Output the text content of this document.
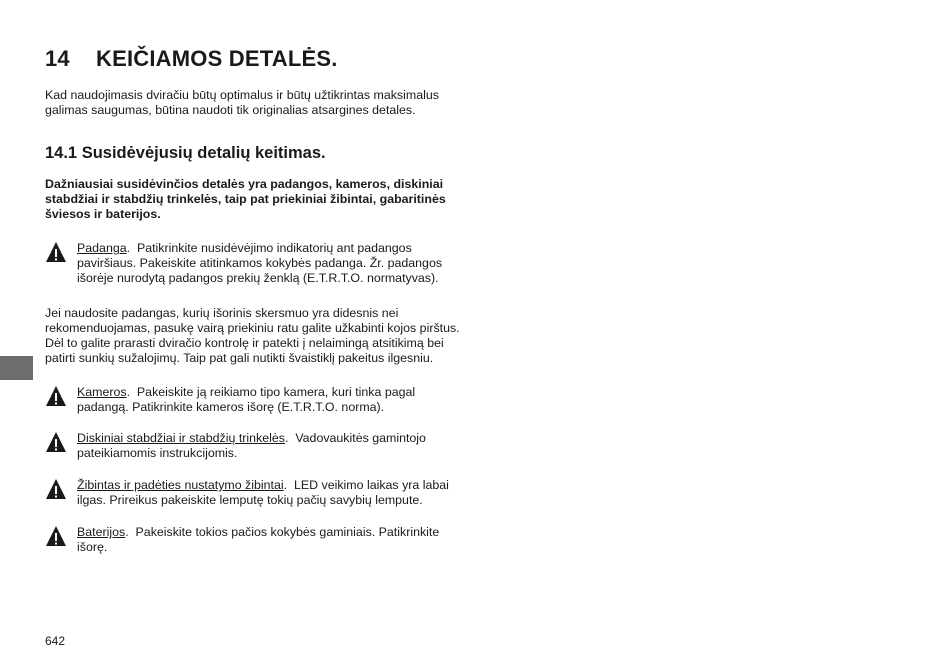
14	KEIČIAMOS DETALĖS.

Kad naudojimasis dviračiu būtų optimalus ir būtų užtikrintas maksimalus galimas saugumas, būtina naudoti tik originalias atsargines detales.

14.1 Susidėvėjusių detalių keitimas.

Dažniausiai susidėvinčios detalės yra padangos, kameros, diskiniai stabdžiai ir stabdžių trinkelės, taip pat priekiniai žibintai, gabaritinės šviesos ir baterijos.

Padanga.  Patikrinkite nusidėvėjimo indikatorių ant padangos paviršiaus. Pakeiskite atitinkamos kokybės padanga. Žr. padangos išorėje nurodytą padangos prekių ženklą (E.T.R.T.O. normatyvas).

Jei naudosite padangas, kurių išorinis skersmuo yra didesnis nei rekomenduojamas, pasukę vairą priekiniu ratu galite užkabinti kojos pirštus. Dėl to galite prarasti dviračio kontrolę ir patekti į nelaimingą atsitikimą bei patirti sunkių sužalojimų. Taip pat gali nutikti švaistiklį pakeitus ilgesniu.

Kameros.  Pakeiskite ją reikiamo tipo kamera, kuri tinka pagal padangą. Patikrinkite kameros išorę (E.T.R.T.O. norma).
Diskiniai stabdžiai ir stabdžių trinkelės.  Vadovaukitės gamintojo pateikiamomis instrukcijomis.
Žibintas ir padėties nustatymo žibintai.  LED veikimo laikas yra labai ilgas. Prireikus pakeiskite lemputę tokių pačių savybių lempute.
Baterijos.  Pakeiskite tokios pačios kokybės gaminiais. Patikrinkite išorę.
642
